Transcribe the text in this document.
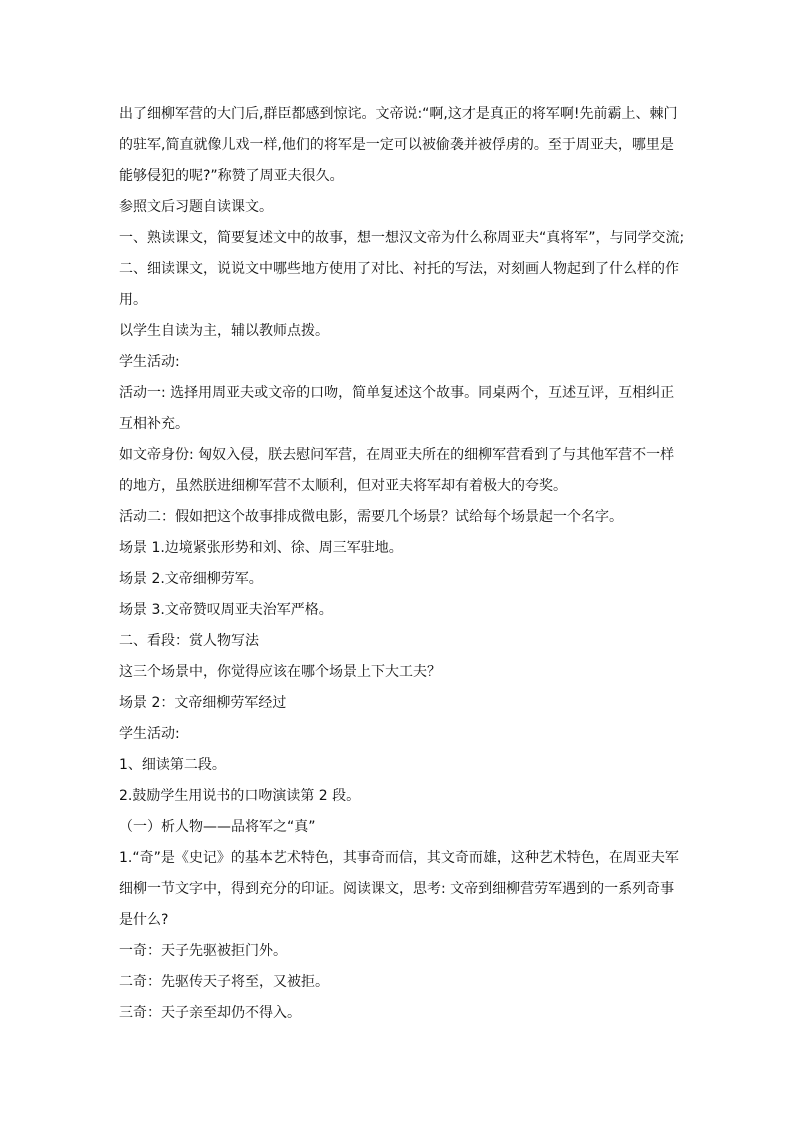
出了细柳军营的大门后,群臣都感到惊诧。文帝说:“啊,这才是真正的将军啊!先前霸上、棘门
的驻军,简直就像儿戏一样,他们的将军是一定可以被偷袭并被俘虏的。至于周亚夫，哪里是
能够侵犯的呢?”称赞了周亚夫很久。
参照文后习题自读课文。
一、熟读课文，简要复述文中的故事，想一想汉文帝为什么称周亚夫“真将军”，与同学交流;
二、细读课文，说说文中哪些地方使用了对比、衬托的写法，对刻画人物起到了什么样的作
用。
以学生自读为主，辅以教师点拨。
学生活动:
活动一: 选择用周亚夫或文帝的口吻，简单复述这个故事。同桌两个，互述互评，互相纠正
互相补充。
如文帝身份: 匈奴入侵，朕去慰问军营，在周亚夫所在的细柳军营看到了与其他军营不一样
的地方，虽然朕进细柳军营不太顺利，但对亚夫将军却有着极大的夸奖。
活动二：假如把这个故事排成微电影，需要几个场景？试给每个场景起一个名字。
场景 1.边境紧张形势和刘、徐、周三军驻地。
场景 2.文帝细柳劳军。
场景 3.文帝赞叹周亚夫治军严格。
二、看段：赏人物写法
这三个场景中，你觉得应该在哪个场景上下大工夫？
场景 2：文帝细柳劳军经过
学生活动:
1、细读第二段。
2.鼓励学生用说书的口吻演读第 2 段。
（一）析人物——品将军之“真”
1.“奇”是《史记》的基本艺术特色，其事奇而信，其文奇而雄，这种艺术特色，在周亚夫军
细柳一节文字中，得到充分的印证。阅读课文，思考: 文帝到细柳营劳军遇到的一系列奇事
是什么?
一奇：天子先驱被拒门外。
二奇：先驱传天子将至，又被拒。
三奇：天子亲至却仍不得入。
